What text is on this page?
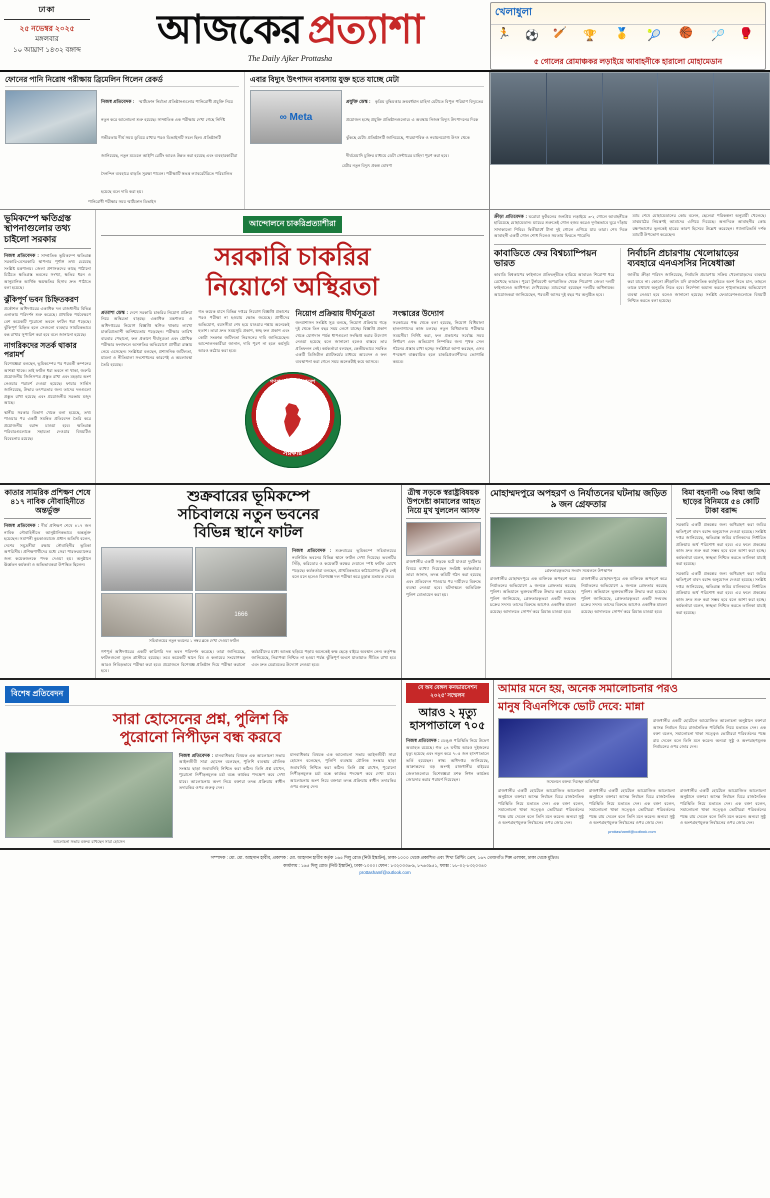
ঢাকা
২৫ নভেম্বর ২০২৫
মঙ্গলবার
১০ আঘ্রাণ ১৪৩২ বঙ্গাব্দ আজকের প্রত্যাশা
The Daily Ajker Prottasha
খেলাধুলা
🏃 ⚽ 🏏 🏆 🥇 🎾 🏀 🏸 🥊
৫ গোলের রোমাঞ্চকর লড়াইয়ে আবাহনীকে হারালো মোহামেডান
ফোনের পানি নিরোধ পরীক্ষায় ব্রিমেলিন গিলেন রেকর্ড
নিজস্ব প্রতিবেদক : স্মার্টফোন নির্মাতা প্রতিষ্ঠানগুলোর পানিরোধী প্রযুক্তি নিয়ে নতুন করে আলোচনা শুরু হয়েছে। সাম্প্রতিক এক পরীক্ষায় দেখা গেছে নির্দিষ্ট গভীরতায় দীর্ঘ সময় ডুবিয়ে রাখার পরও ডিভাইসটি সচল ছিল। প্রতিষ্ঠানটি জানিয়েছে, নতুন মডেলে আইপি রেটিং আরও উন্নত করা হয়েছে এবং ব্যবহারকারীরা দৈনন্দিন ব্যবহারে বাড়তি সুরক্ষা পাবেন। পরীক্ষাটি স্বতন্ত্র ল্যাবরেটরিতে পরিচালিত হয়েছে বলে দাবি করা হয়।
পানিরোধী পরীক্ষার সময় স্মার্টফোন ডিভাইস
এবার বিদ্যুৎ উৎপাদন ব্যবসায় যুক্ত হতে যাচ্ছে মেটা
∞ Meta
প্রযুক্তি ডেস্ক : কৃত্রিম বুদ্ধিমত্তার ক্রমবর্ধমান চাহিদা মেটাতে বিপুল পরিমাণ বিদ্যুতের প্রয়োজন হচ্ছে প্রযুক্তি প্রতিষ্ঠানগুলোর। এ অবস্থায় নিজস্ব বিদ্যুৎ উৎপাদনের দিকে ঝুঁকছে মেটা। প্রতিষ্ঠানটি জানিয়েছে, পারমাণবিক ও নবায়নযোগ্য উৎস থেকে দীর্ঘমেয়াদি চুক্তির মাধ্যমে ডেটা সেন্টারের চাহিদা পূরণ করা হবে।
মেটার নতুন বিদ্যুৎ প্রকল্প ঘোষণা
ভূমিকম্পে ক্ষতিগ্রস্ত স্থাপনাগুলোর তথ্য চাইলো সরকার
নিজস্ব প্রতিবেদক : সাম্প্রতিক ভূমিকম্পে ক্ষতিগ্রস্ত সরকারি-বেসরকারি স্থাপনার পূর্ণাঙ্গ তথ্য চেয়েছে সংশ্লিষ্ট মন্ত্রণালয়। জেলা প্রশাসকদের কাছে পাঠানো চিঠিতে ক্ষতিগ্রস্ত ভবনের সংখ্যা, ক্ষতির ধরন ও আনুমানিক আর্থিক ক্ষয়ক্ষতির হিসাব দ্রুত পাঠাতে বলা হয়েছে।
ঝুঁকিপূর্ণ ভবন চিহ্নিতকরণ
প্রকৌশল অধিদপ্তরের একাধিক দল রাজধানীর বিভিন্ন এলাকায় পরিদর্শন শুরু করেছে। প্রাথমিক পর্যবেক্ষণে বেশ কয়েকটি পুরোনো ভবনে ফাটল ধরা পড়েছে। ঝুঁকিপূর্ণ চিহ্নিত হলে সেগুলো ব্যবহার সাময়িকভাবে বন্ধ রাখার সুপারিশ করা হবে বলে জানানো হয়েছে।
নাগরিকদের সতর্ক থাকার পরামর্শ
বিশেষজ্ঞরা বলছেন, ভূমিকম্পের পর পরবর্তী কম্পনের আশঙ্কা থাকে। তাই ফাটল ধরা ভবনে না থাকা, জরুরি প্রয়োজনীয় জিনিসপত্র প্রস্তুত রাখা এবং মহড়ায় অংশ নেওয়ার পরামর্শ দেওয়া হয়েছে। ফায়ার সার্ভিস জানিয়েছে, উদ্ধার তৎপরতার জন্য তাদের দলগুলো প্রস্তুত রাখা হয়েছে এবং প্রয়োজনীয় সরঞ্জাম মজুদ আছে।
স্থানীয় সরকার বিভাগ থেকে বলা হয়েছে, তথ্য পাওয়ার পর একটি সমন্বিত প্রতিবেদন তৈরি করে প্রয়োজনীয় বরাদ্দ চাওয়া হবে। ক্ষতিগ্রস্ত পরিবারগুলোকে সহায়তা দেওয়ার বিষয়টিও বিবেচনায় রয়েছে।
আন্দোলনে চাকরিপ্রত্যাশীরা
সরকারি চাকরির
নিয়োগে অস্থিরতা
প্রত্যাশা ডেস্ক : দেশে সরকারি চাকরির নিয়োগ প্রক্রিয়া নিয়ে অস্থিরতা বাড়ছে। একাধিক মন্ত্রণালয় ও অধিদপ্তরের নিয়োগ বিজ্ঞপ্তি স্থগিত থাকায় লাখো চাকরিপ্রত্যাশী অনিশ্চয়তায় পড়েছেন। পরীক্ষার তারিখ বারবার পেছানো, ফল প্রকাশে দীর্ঘসূত্রতা এবং মৌখিক পরীক্ষার ফলাফলে অসঙ্গতির অভিযোগে প্রার্থীরা রাস্তায় নেমে এসেছেন। সংশ্লিষ্টরা বলছেন, প্রশাসনিক জটিলতা, মামলা ও নীতিমালা সংশোধনের কারণেই এ অচলাবস্থা তৈরি হয়েছে।
গত কয়েক মাসে বিভিন্ন দপ্তরে নিয়োগ বিজ্ঞপ্তি প্রকাশের পরও পরীক্ষা না হওয়ায় ক্ষোভ জমেছে। প্রার্থীদের অভিযোগ, বয়সসীমা শেষ হয়ে যাওয়ার শঙ্কায় অনেকেই হতাশ। তারা দ্রুত সময়সূচি প্রকাশ, স্বচ্ছ ফল প্রকাশ এবং কোটা সংক্রান্ত জটিলতা নিরসনের দাবি জানিয়েছেন। আন্দোলনকারীরা জানান, দাবি পূরণ না হলে কর্মসূচি আরও কঠোর করা হবে।
নিয়োগ প্রক্রিয়ায় দীর্ঘসূত্রতা
জনপ্রশাসন সংশ্লিষ্ট সূত্র বলছে, নিয়োগ প্রক্রিয়ায় গড়ে দুই থেকে তিন বছর সময় লেগে যাচ্ছে। বিজ্ঞপ্তি প্রকাশ থেকে যোগদান পর্যন্ত ধাপগুলো সংক্ষিপ্ত করার উদ্যোগ নেওয়া হয়েছে বলে জানানো হলেও বাস্তবে তার প্রতিফলন নেই। কর্মকর্তারা বলছেন, কেন্দ্রীয়ভাবে সমন্বিত একটি ডিজিটাল প্ল্যাটফর্মের মাধ্যমে আবেদন ও ফল ব্যবস্থাপনা করা গেলে সময় অনেকটাই কমে আসবে।
সংস্কারের উদ্যোগ
সরকারের পক্ষ থেকে বলা হয়েছে, নিয়োগ বিধিমালা হালনাগাদের কাজ চলছে। নতুন বিধিমালায় পরীক্ষার সময়সীমা নির্দিষ্ট করা, ফল প্রকাশের সর্বোচ্চ সময় নির্ধারণ এবং অভিযোগ নিষ্পত্তির জন্য পৃথক সেল গঠনের প্রস্তাব রাখা হচ্ছে। সংশ্লিষ্টরা আশা করছেন, এসব পদক্ষেপ বাস্তবায়িত হলে চাকরিপ্রত্যাশীদের ভোগান্তি কমবে।
গণপ্রজাতন্ত্রী বাংলাদেশ
সরকার
ক্রীড়া প্রতিবেদক : ঘরোয়া ফুটবলের জনপ্রিয় লড়াইয়ে ৩-২ গোলে আবাহনীকে হারিয়েছে মোহামেডান। ম্যাচের শুরুতেই গোল হজম করেও দুর্দান্তভাবে ঘুরে দাঁড়ায় সাদাকালো শিবির। দ্বিতীয়ার্ধে টানা দুই গোলে এগিয়ে যায় তারা। শেষ দিকে আবাহনী একটি গোল শোধ দিলেও সমতায় ফিরতে পারেনি।
ম্যাচ শেষে মোহামেডানের কোচ বলেন, ছেলেরা পরিকল্পনা অনুযায়ী খেলেছে। মাঝমাঠের নিয়ন্ত্রণই আমাদের এগিয়ে দিয়েছে। অন্যদিকে আবাহনীর কোচ রক্ষণভাগের ভুলকেই হারের কারণ হিসেবে উল্লেখ করেছেন। গ্যালারিভর্তি দর্শক ম্যাচটি উপভোগ করেছেন।
কাবাডিতে ফের বিশ্বচ্যাম্পিয়ন ভারত
কাবাডি বিশ্বকাপের ফাইনালে প্রতিদ্বন্দ্বীকে হারিয়ে আবারও শিরোপা ধরে রেখেছে ভারত। পুরো টুর্নামেন্টে অপরাজিত থেকে শিরোপা জেতা দলটি ফাইনালেও আধিপত্য দেখিয়েছে। ম্যাচসেরা হয়েছেন দলটির অধিনায়ক। আয়োজকরা জানিয়েছেন, পরবর্তী আসর দুই বছর পর অনুষ্ঠিত হবে।
নির্বাচনি প্রচারণায় খেলোয়াড়ের ব্যবহারে এনএসসির নিষেধাজ্ঞা
জাতীয় ক্রীড়া পরিষদ জানিয়েছে, নির্বাচনি প্রচারণায় সক্রিয় খেলোয়াড়দের ব্যবহার করা যাবে না। কোনো ক্রীড়াবিদ যদি রাজনৈতিক কর্মসূচিতে অংশ নিতে চান, তাহলে তাকে যথাযথ অনুমতি নিতে হবে। নির্দেশনা অমান্য করলে শৃঙ্খলাভঙ্গের অভিযোগে ব্যবস্থা নেওয়া হবে বলেও জানানো হয়েছে। সংশ্লিষ্ট ফেডারেশনগুলোকে বিষয়টি নিশ্চিত করতে বলা হয়েছে।
কাতার সামরিক প্রশিক্ষণ শেষে ৪১৭ নাবিক নৌবাহিনীতে অন্তর্ভুক্ত
নিজস্ব প্রতিবেদক : দীর্ঘ প্রশিক্ষণ শেষে ৪১৭ জন নাবিক নৌবাহিনীতে আনুষ্ঠানিকভাবে অন্তর্ভুক্ত হয়েছেন। সমাপনী কুচকাওয়াজে প্রধান অতিথি বলেন, দেশের সমুদ্রসীমা রক্ষায় নৌবাহিনীর ভূমিকা অপরিসীম। প্রশিক্ষণার্থীদের মধ্যে সেরা পারফরম্যান্সের জন্য কয়েকজনকে পদক দেওয়া হয়। অনুষ্ঠানে ঊর্ধ্বতন কর্মকর্তা ও অভিভাবকরা উপস্থিত ছিলেন।
শুক্রবারের ভূমিকম্পে
সচিবালয়ে নতুন ভবনের
বিভিন্ন স্থানে ফাটল
1666
সচিবালয়ের নতুন ভবনের ১ নম্বর ব্লকে দেখা দেওয়া ফাটল
নিজস্ব প্রতিবেদক : শুক্রবারের ভূমিকম্পে সচিবালয়ের নবনির্মিত ভবনের বিভিন্ন স্থানে ফাটল দেখা দিয়েছে। ভবনটির সিঁড়ি, করিডোর ও কয়েকটি কক্ষের দেয়ালে স্পষ্ট ফাটল চোখে পড়েছে। কর্মকর্তারা বলছেন, প্রাথমিকভাবে কাঠামোগত ঝুঁকি নেই বলে মনে হলেও বিশেষজ্ঞ দল পরীক্ষা করে চূড়ান্ত মতামত দেবে।
গণপূর্ত অধিদপ্তরের একটি কারিগরি দল ভবন পরিদর্শন করেছে। তারা জানিয়েছে, ফাটলগুলো মূলত প্লাস্টারে হয়েছে। তবে কয়েকটি স্থানে বিম ও কলামের সংযোগস্থল আরও নিবিড়ভাবে পরীক্ষা করা হবে। প্রয়োজনে বিশেষজ্ঞ প্রতিষ্ঠান দিয়ে পরীক্ষা করানো হবে।
কর্মচারীদের মধ্যে আতঙ্ক ছড়িয়ে পড়ায় অনেকেই কক্ষ ছেড়ে বাইরে অবস্থান নেন। কর্তৃপক্ষ জানিয়েছে, নিরাপত্তা নিশ্চিত না হওয়া পর্যন্ত ঝুঁকিপূর্ণ অংশে যাতায়াত সীমিত রাখা হবে এবং দ্রুত মেরামতের উদ্যোগ নেওয়া হবে।
ত্রীষ্ম সড়কে স্বরাষ্ট্রবিষয়ক উপদেষ্টা কামালের আহত নিয়ে মুখ খুললেন আসফ
রাজধানীর একটি সড়কে ঘটে যাওয়া দুর্ঘটনার বিষয়ে ব্যাখ্যা দিয়েছেন সংশ্লিষ্ট কর্মকর্তারা। তারা জানান, তদন্ত কমিটি গঠন করা হয়েছে এবং প্রতিবেদন পাওয়ার পর দায়ীদের বিরুদ্ধে ব্যবস্থা নেওয়া হবে। ঘটনাস্থলে অতিরিক্ত পুলিশ মোতায়েন করা হয়।
মোহাম্মদপুরে অপহরণ ও নির্যাতনের ঘটনায় জড়িত ৯ জন গ্রেফতার
গ্রেফতারকৃতদের সংবাদ সম্মেলনে উপস্থাপন
রাজধানীর মোহাম্মদপুরে এক ব্যক্তিকে অপহরণ করে নির্যাতনের অভিযোগে ৯ জনকে গ্রেফতার করেছে পুলিশ। অভিযানে ভুক্তভোগীকে উদ্ধার করা হয়েছে। পুলিশ জানিয়েছে, গ্রেফতারকৃতরা একটি সংঘবদ্ধ চক্রের সদস্য। তাদের বিরুদ্ধে আগেও একাধিক মামলা রয়েছে। আদালতে সোপর্দ করে রিমান্ড চাওয়া হবে।
রাজধানীর মোহাম্মদপুরে এক ব্যক্তিকে অপহরণ করে নির্যাতনের অভিযোগে ৯ জনকে গ্রেফতার করেছে পুলিশ। অভিযানে ভুক্তভোগীকে উদ্ধার করা হয়েছে। পুলিশ জানিয়েছে, গ্রেফতারকৃতরা একটি সংঘবদ্ধ চক্রের সদস্য। তাদের বিরুদ্ধে আগেও একাধিক মামলা রয়েছে। আদালতে সোপর্দ করে রিমান্ড চাওয়া হবে।
বিমা বহনানী ৩৬ বিঘা জমি ছাড়ের বিনিময়ে ৫৪ কোটি টাকা বরাদ্দ
সরকারি একটি প্রকল্পের জন্য অধিগ্রহণ করা জমির ক্ষতিপূরণ বাবদ বরাদ্দ অনুমোদন দেওয়া হয়েছে। সংশ্লিষ্ট দপ্তর জানিয়েছে, ক্ষতিগ্রস্ত জমির মালিকদের নির্ধারিত প্রক্রিয়ায় অর্থ পরিশোধ করা হবে। এর ফলে প্রকল্পের কাজ দ্রুত শুরু করা সম্ভব হবে বলে আশা করা হচ্ছে। কর্মকর্তারা বলেন, স্বচ্ছতা নিশ্চিত করতে তালিকা যাচাই করা হয়েছে।
সরকারি একটি প্রকল্পের জন্য অধিগ্রহণ করা জমির ক্ষতিপূরণ বাবদ বরাদ্দ অনুমোদন দেওয়া হয়েছে। সংশ্লিষ্ট দপ্তর জানিয়েছে, ক্ষতিগ্রস্ত জমির মালিকদের নির্ধারিত প্রক্রিয়ায় অর্থ পরিশোধ করা হবে। এর ফলে প্রকল্পের কাজ দ্রুত শুরু করা সম্ভব হবে বলে আশা করা হচ্ছে। কর্মকর্তারা বলেন, স্বচ্ছতা নিশ্চিত করতে তালিকা যাচাই করা হয়েছে।
বিশেষ প্রতিবেদন
সারা হোসেনের প্রশ্ন, পুলিশ কি
পুরোনো নিপীড়ন বন্ধ করবে
আলোচনা সভায় বক্তব্য রাখছেন সারা হোসেন
নিজস্ব প্রতিবেদক : মানবাধিকার বিষয়ক এক আলোচনা সভায় আইনজীবী সারা হোসেন বলেছেন, পুলিশি ব্যবস্থায় মৌলিক সংস্কার ছাড়া জবাবদিহি নিশ্চিত করা কঠিন। তিনি প্রশ্ন রাখেন, পুরোনো নিপীড়নমূলক চর্চা বন্ধে কার্যকর পদক্ষেপ কবে দেখা যাবে। আলোচনায় অংশ নিয়ে বক্তারা তদন্ত প্রক্রিয়ায় স্বাধীন তদারকির ওপর গুরুত্ব দেন।
মানবাধিকার বিষয়ক এক আলোচনা সভায় আইনজীবী সারা হোসেন বলেছেন, পুলিশি ব্যবস্থায় মৌলিক সংস্কার ছাড়া জবাবদিহি নিশ্চিত করা কঠিন। তিনি প্রশ্ন রাখেন, পুরোনো নিপীড়নমূলক চর্চা বন্ধে কার্যকর পদক্ষেপ কবে দেখা যাবে। আলোচনায় অংশ নিয়ে বক্তারা তদন্ত প্রক্রিয়ায় স্বাধীন তদারকির ওপর গুরুত্ব দেন।
বে অব বেঙ্গল কনভারসেশন ২০২৫' সম্মেলন
আরও ২ মৃত্যু
হাসপাতালে ৭০৫
নিজস্ব প্রতিবেদক : ডেঙ্গু পরিস্থিতি নিয়ে উদ্বেগ অব্যাহত রয়েছে। গত ২৪ ঘণ্টায় আরও দুইজনের মৃত্যু হয়েছে এবং নতুন করে ৭০৫ জন হাসপাতালে ভর্তি হয়েছেন। স্বাস্থ্য অধিদপ্তর জানিয়েছে, আক্রান্তদের বড় অংশই রাজধানীর বাইরের জেলাগুলোর। বিশেষজ্ঞরা মশক নিধন কার্যক্রম জোরদার করার পরামর্শ দিয়েছেন।
আমার মনে হয়, অনেক সমালোচনার পরও
মানুষ বিএনপিকে ভোট দেবে: মান্না
সম্মেলনে বক্তব্য দিচ্ছেন অতিথিরা
রাজধানীর একটি হোটেলে আয়োজিত আলোচনা অনুষ্ঠানে বক্তারা আসন্ন নির্বাচন ঘিরে রাজনৈতিক পরিস্থিতি নিয়ে মতামত দেন। এক বক্তা বলেন, সমালোচনা থাকা সত্ত্বেও ভোটাররা পরিবর্তনের পক্ষে রায় দেবেন বলে তিনি মনে করেন। অন্যরা সুষ্ঠু ও অংশগ্রহণমূলক নির্বাচনের ওপর জোর দেন।
রাজধানীর একটি হোটেলে আয়োজিত আলোচনা অনুষ্ঠানে বক্তারা আসন্ন নির্বাচন ঘিরে রাজনৈতিক পরিস্থিতি নিয়ে মতামত দেন। এক বক্তা বলেন, সমালোচনা থাকা সত্ত্বেও ভোটাররা পরিবর্তনের পক্ষে রায় দেবেন বলে তিনি মনে করেন। অন্যরা সুষ্ঠু ও অংশগ্রহণমূলক নির্বাচনের ওপর জোর দেন।
রাজধানীর একটি হোটেলে আয়োজিত আলোচনা অনুষ্ঠানে বক্তারা আসন্ন নির্বাচন ঘিরে রাজনৈতিক পরিস্থিতি নিয়ে মতামত দেন। এক বক্তা বলেন, সমালোচনা থাকা সত্ত্বেও ভোটাররা পরিবর্তনের পক্ষে রায় দেবেন বলে তিনি মনে করেন। অন্যরা সুষ্ঠু ও অংশগ্রহণমূলক নির্বাচনের ওপর জোর দেন।
রাজধানীর একটি হোটেলে আয়োজিত আলোচনা অনুষ্ঠানে বক্তারা আসন্ন নির্বাচন ঘিরে রাজনৈতিক পরিস্থিতি নিয়ে মতামত দেন। এক বক্তা বলেন, সমালোচনা থাকা সত্ত্বেও ভোটাররা পরিবর্তনের পক্ষে রায় দেবেন বলে তিনি মনে করেন। অন্যরা সুষ্ঠু ও অংশগ্রহণমূলক নির্বাচনের ওপর জোর দেন।
prottashamfi@outlook.com
সম্পাদক : মো. মো. আহসান হাবীব, প্রকাশক : মো. আহসান হাবীব কর্তৃক ১৬৫ দিলু রোড (নিউ ইস্কাটন), ঢাকা-১০০০ থেকে প্রকাশিত এবং শিখা প্রিন্টিং প্রেস, ১৬৭ তেজগাঁও শিল্প এলাকা, ঢাকা থেকে মুদ্রিত।
কার্যালয় : ১৬৫ দিলু রোড (নিউ ইস্কাটন), ঢাকা-১০০০। ফোন : ৮৩২০৩৩৬-৯, ৮৭৬৩৯৫১, ফ্যাক্স : ৮৮-০২-৮৩২০৩৪০
prottashamf@outlook.com
